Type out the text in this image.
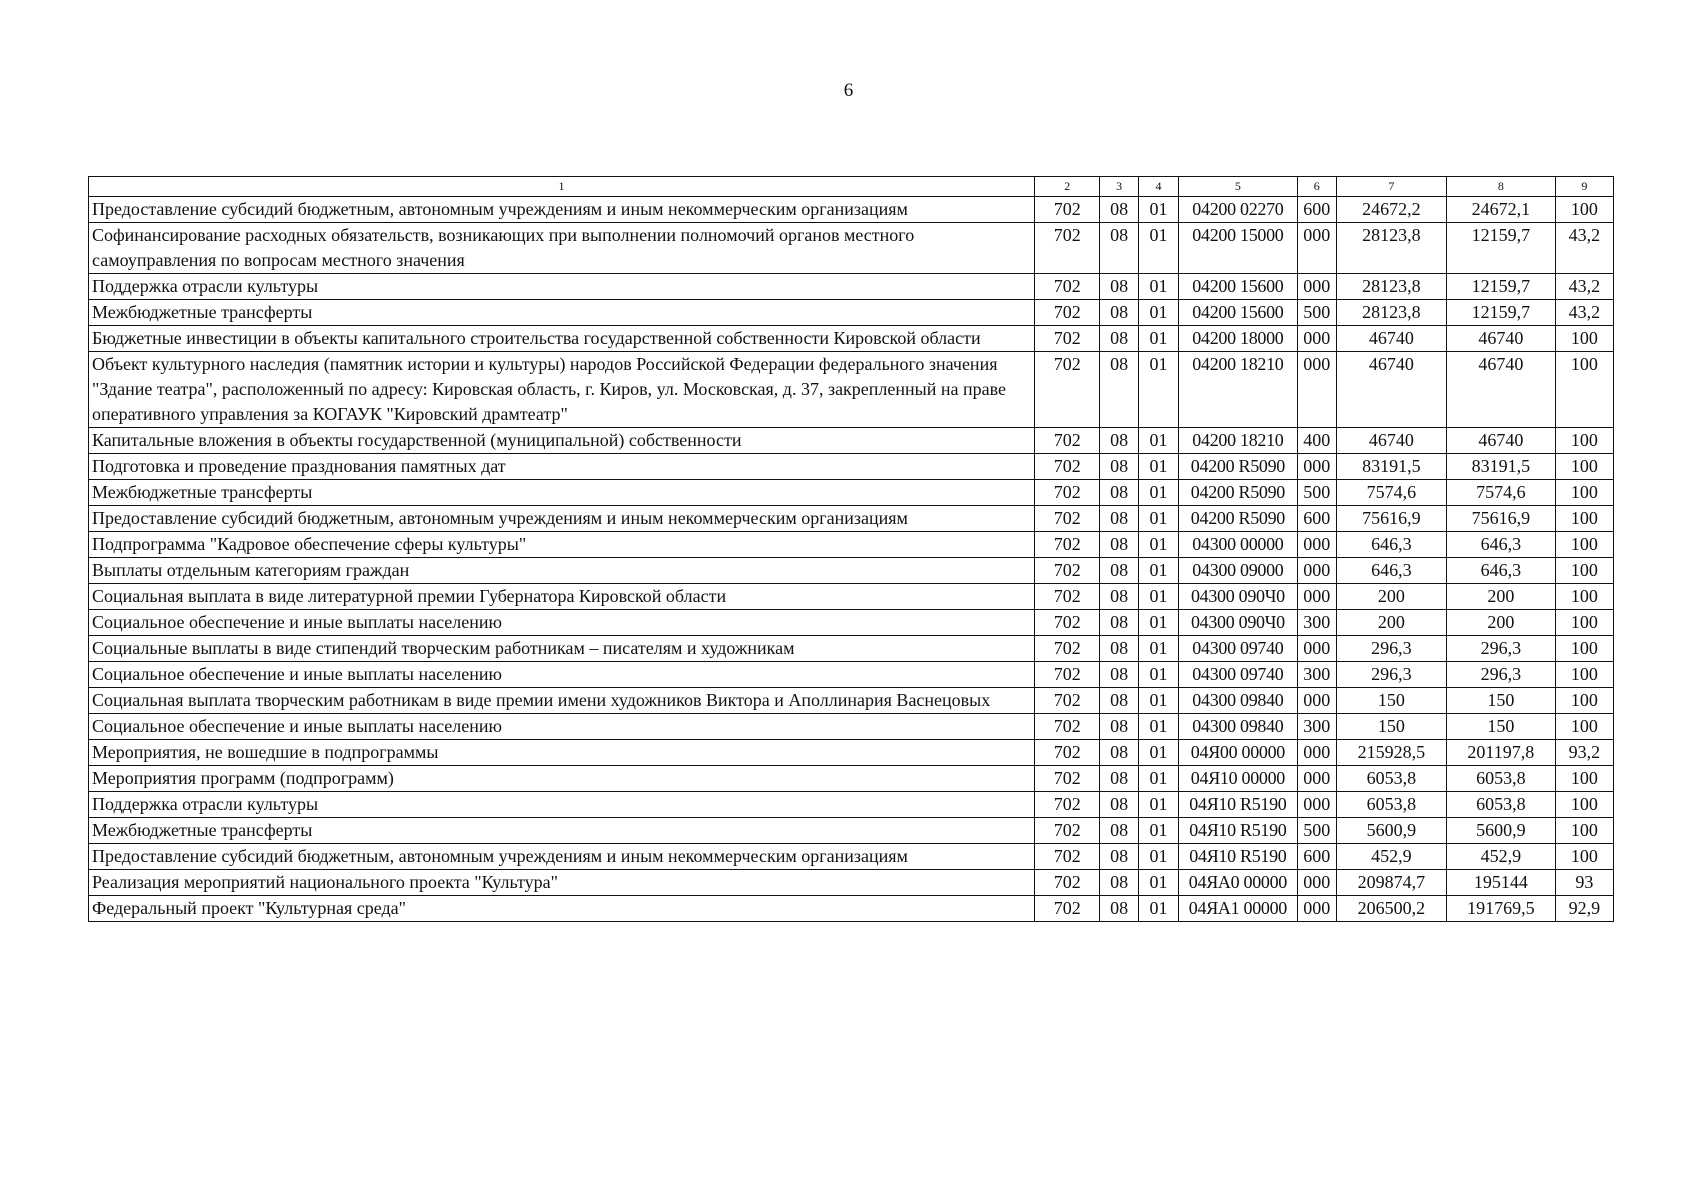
6
1	2	3	4	5	6	7	8	9
Предоставление субсидий бюджетным, автономным учреждениям и иным некоммерческим организациям	702	08	01	04200 02270	600	24672,2	24672,1	100
Софинансирование расходных обязательств, возникающих при выполнении полномочий органов местного самоуправления по вопросам местного значения	702	08	01	04200 15000	000	28123,8	12159,7	43,2
Поддержка отрасли культуры	702	08	01	04200 15600	000	28123,8	12159,7	43,2
Межбюджетные трансферты	702	08	01	04200 15600	500	28123,8	12159,7	43,2
Бюджетные инвестиции в объекты капитального строительства государственной собственности Кировской области	702	08	01	04200 18000	000	46740	46740	100
Объект культурного наследия (памятник истории и культуры) народов Российской Федерации федерального значения "Здание театра", расположенный по адресу: Кировская область, г. Киров, ул. Московская, д. 37, закрепленный на праве оперативного управления за КОГАУК "Кировский драмтеатр"	702	08	01	04200 18210	000	46740	46740	100
Капитальные вложения в объекты государственной (муниципальной) собственности	702	08	01	04200 18210	400	46740	46740	100
Подготовка и проведение празднования памятных дат	702	08	01	04200 R5090	000	83191,5	83191,5	100
Межбюджетные трансферты	702	08	01	04200 R5090	500	7574,6	7574,6	100
Предоставление субсидий бюджетным, автономным учреждениям и иным некоммерческим организациям	702	08	01	04200 R5090	600	75616,9	75616,9	100
Подпрограмма "Кадровое обеспечение сферы культуры"	702	08	01	04300 00000	000	646,3	646,3	100
Выплаты отдельным категориям граждан	702	08	01	04300 09000	000	646,3	646,3	100
Социальная выплата в виде литературной премии Губернатора Кировской области	702	08	01	04300 090Ч0	000	200	200	100
Социальное обеспечение и иные выплаты населению	702	08	01	04300 090Ч0	300	200	200	100
Социальные выплаты в виде стипендий творческим работникам – писателям и художникам	702	08	01	04300 09740	000	296,3	296,3	100
Социальное обеспечение и иные выплаты населению	702	08	01	04300 09740	300	296,3	296,3	100
Социальная выплата творческим работникам в виде премии имени художников Виктора и Аполлинария Васнецовых	702	08	01	04300 09840	000	150	150	100
Социальное обеспечение и иные выплаты населению	702	08	01	04300 09840	300	150	150	100
Мероприятия, не вошедшие в подпрограммы	702	08	01	04Я00 00000	000	215928,5	201197,8	93,2
Мероприятия программ (подпрограмм)	702	08	01	04Я10 00000	000	6053,8	6053,8	100
Поддержка отрасли культуры	702	08	01	04Я10 R5190	000	6053,8	6053,8	100
Межбюджетные трансферты	702	08	01	04Я10 R5190	500	5600,9	5600,9	100
Предоставление субсидий бюджетным, автономным учреждениям и иным некоммерческим организациям	702	08	01	04Я10 R5190	600	452,9	452,9	100
Реализация мероприятий национального проекта "Культура"	702	08	01	04ЯА0 00000	000	209874,7	195144	93
Федеральный проект "Культурная среда"	702	08	01	04ЯА1 00000	000	206500,2	191769,5	92,9
